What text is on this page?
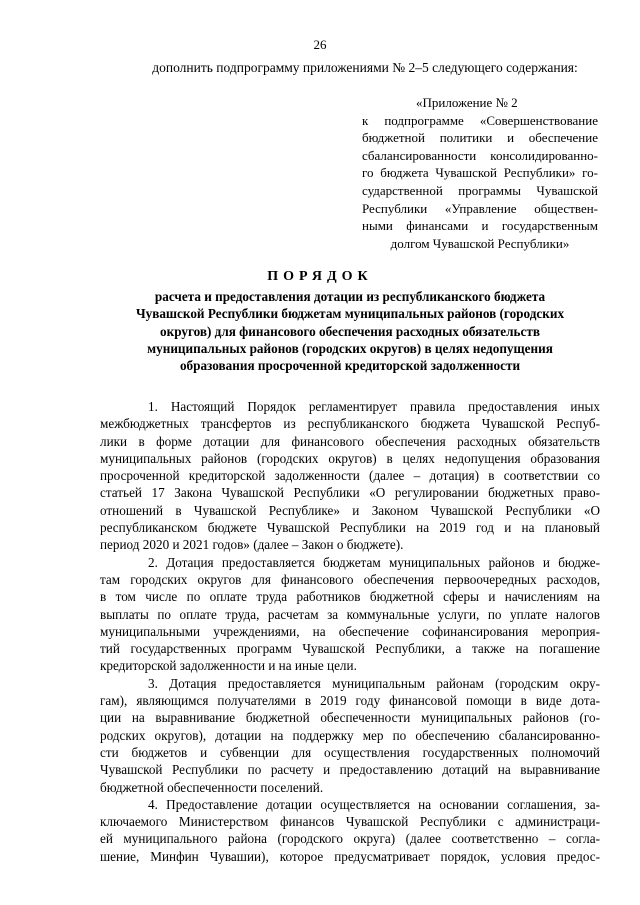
26
дополнить подпрограмму приложениями № 2–5 следующего содержания:
«Приложение № 2
к подпрограмме «Совершенствование
бюджетной политики и обеспечение
сбалансированности консолидированно-
го бюджета Чувашской Республики» го-
сударственной программы Чувашской
Республики «Управление обществен-
ными финансами и государственным
долгом Чувашской Республики»
ПОРЯДОК
расчета и предоставления дотации из республиканского бюджета
Чувашской Республики бюджетам муниципальных районов (городских
округов) для финансового обеспечения расходных обязательств
муниципальных районов (городских округов) в целях недопущения
образования просроченной кредиторской задолженности
1. Настоящий Порядок регламентирует правила предоставления иных
межбюджетных трансфертов из республиканского бюджета Чувашской Респуб-
лики в форме дотации для финансового обеспечения расходных обязательств
муниципальных районов (городских округов) в целях недопущения образования
просроченной кредиторской задолженности (далее – дотация) в соответствии со
статьей 17 Закона Чувашской Республики «О регулировании бюджетных право-
отношений в Чувашской Республике» и Законом Чувашской Республики «О
республиканском бюджете Чувашской Республики на 2019 год и на плановый
период 2020 и 2021 годов» (далее – Закон о бюджете).
2. Дотация предоставляется бюджетам муниципальных районов и бюдже-
там городских округов для финансового обеспечения первоочередных расходов,
в том числе по оплате труда работников бюджетной сферы и начислениям на
выплаты по оплате труда, расчетам за коммунальные услуги, по уплате налогов
муниципальными учреждениями, на обеспечение софинансирования мероприя-
тий государственных программ Чувашской Республики, а также на погашение
кредиторской задолженности и на иные цели.
3. Дотация предоставляется муниципальным районам (городским окру-
гам), являющимся получателями в 2019 году финансовой помощи в виде дота-
ции на выравнивание бюджетной обеспеченности муниципальных районов (го-
родских округов), дотации на поддержку мер по обеспечению сбалансированно-
сти бюджетов и субвенции для осуществления государственных полномочий
Чувашской Республики по расчету и предоставлению дотаций на выравнивание
бюджетной обеспеченности поселений.
4. Предоставление дотации осуществляется на основании соглашения, за-
ключаемого Министерством финансов Чувашской Республики с администраци-
ей муниципального района (городского округа) (далее соответственно – согла-
шение, Минфин Чувашии), которое предусматривает порядок, условия предос-
